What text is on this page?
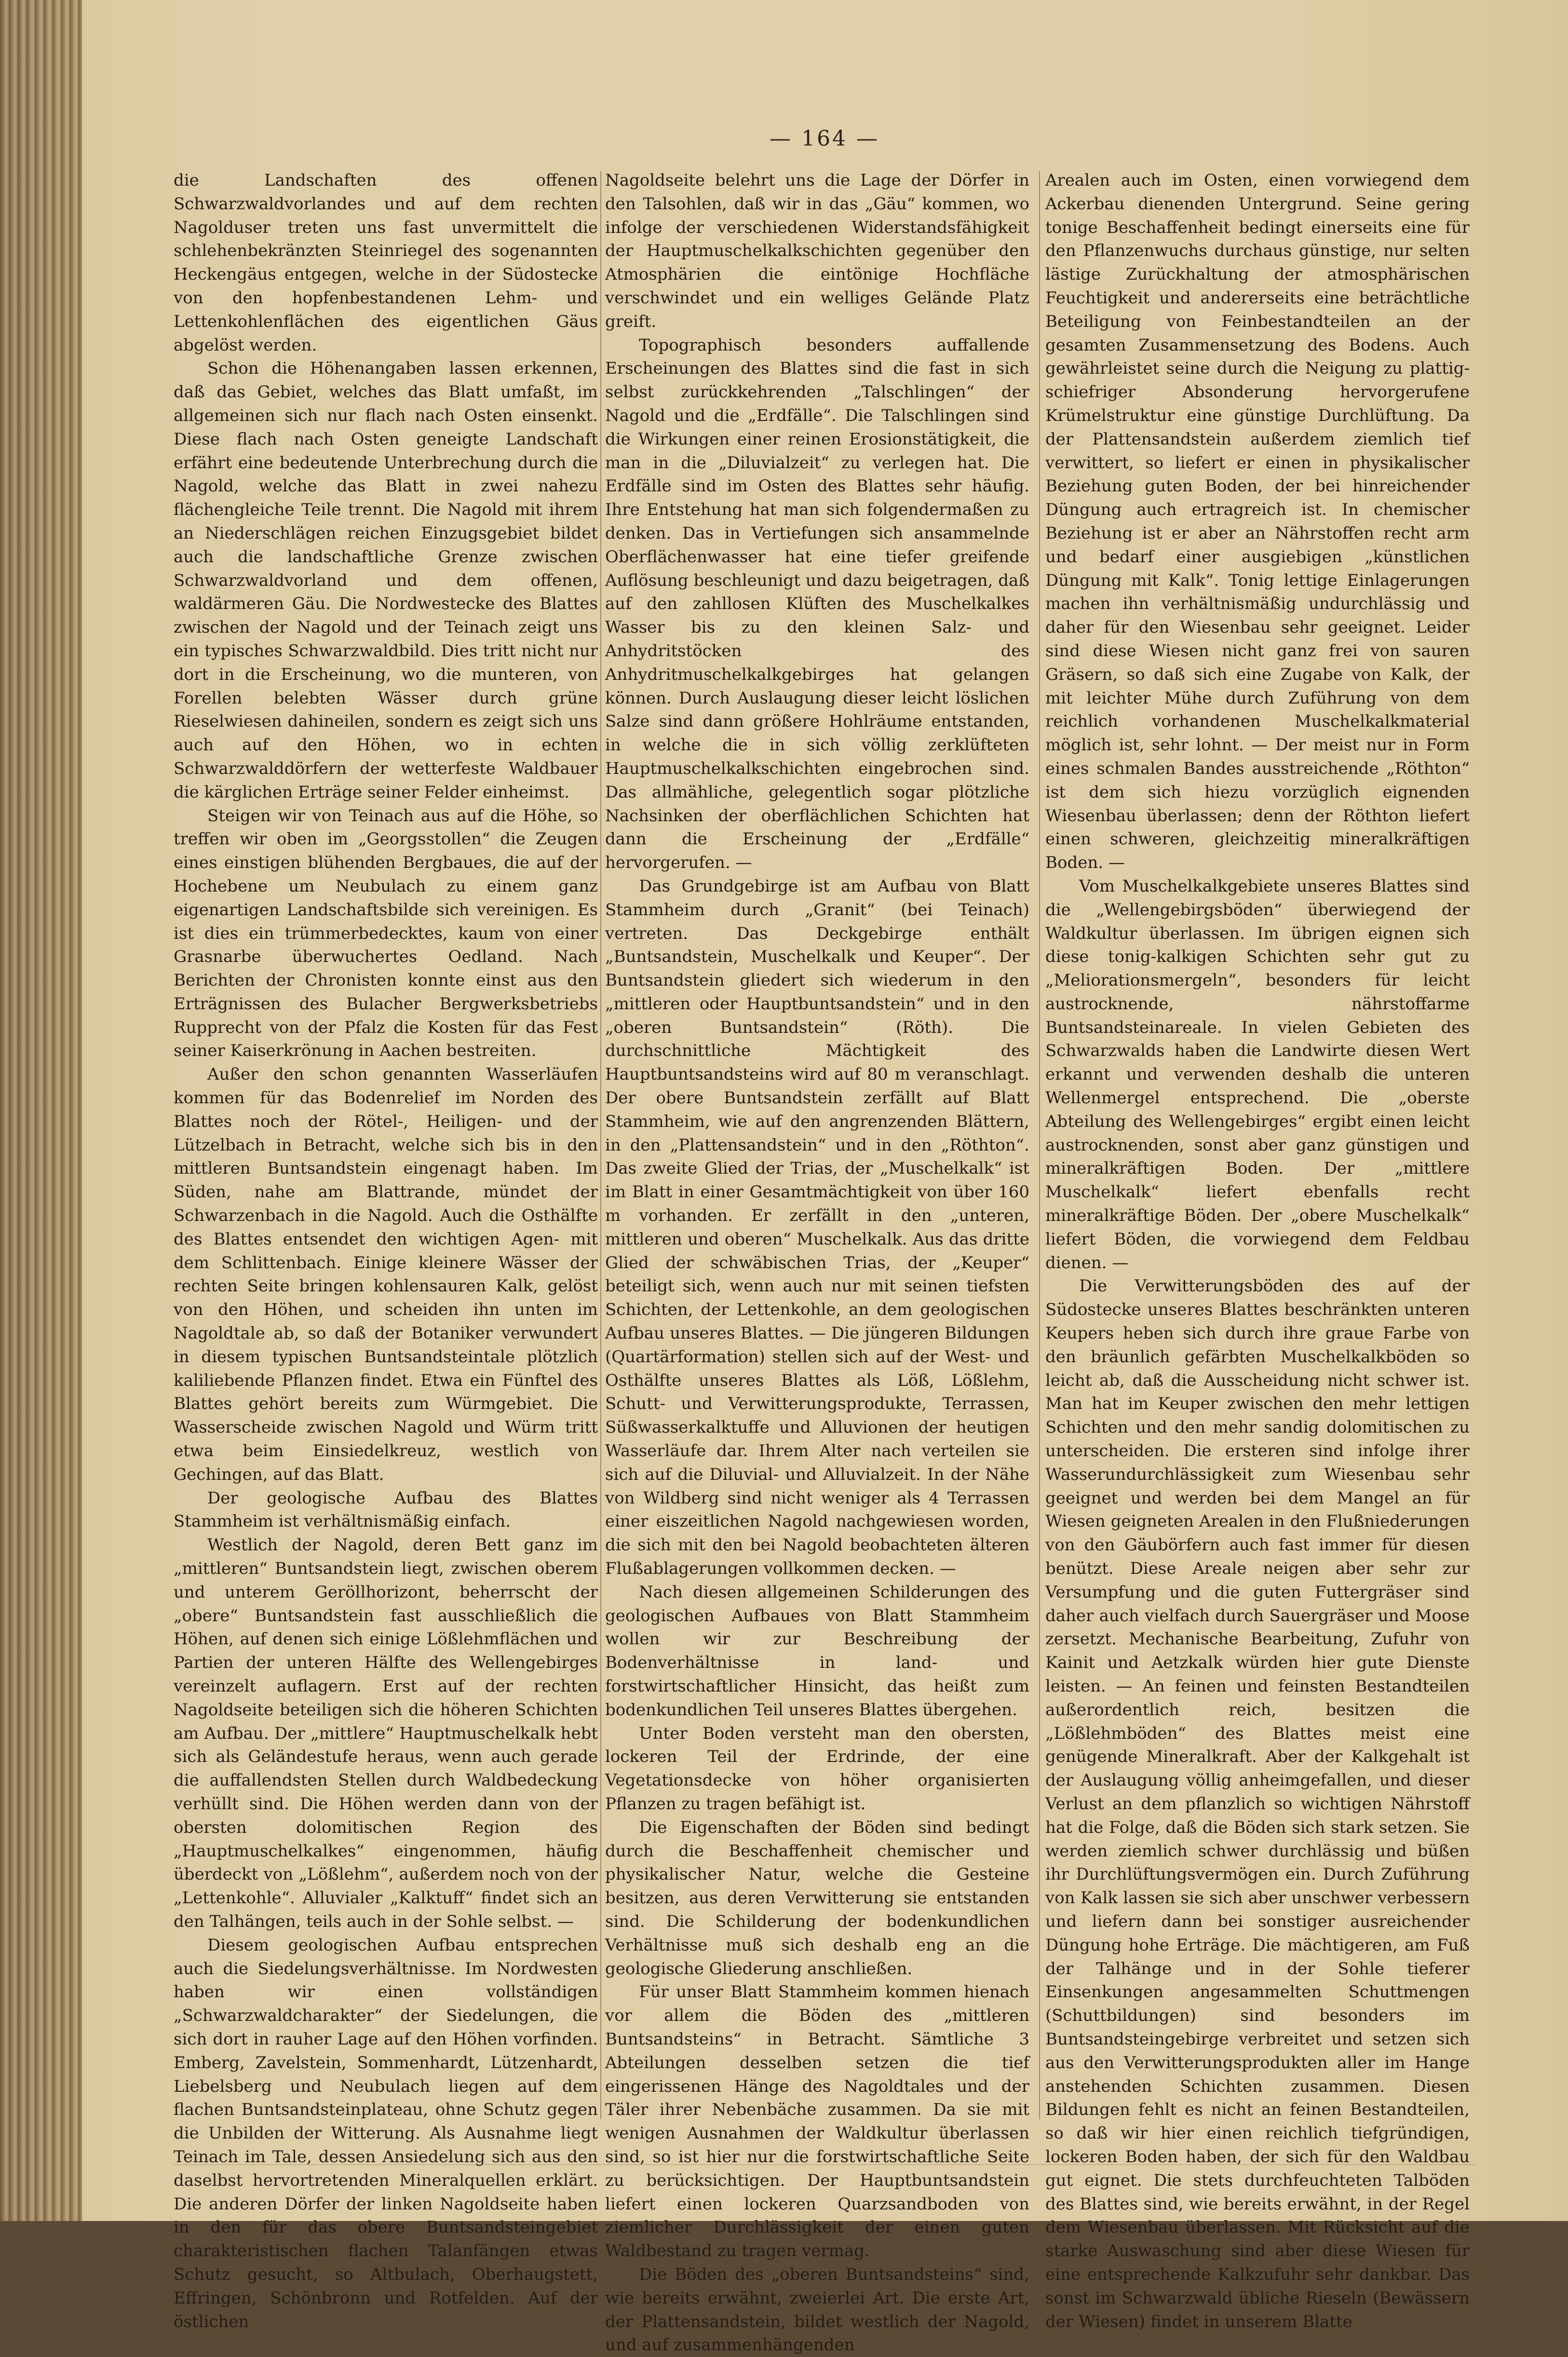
— 164 —

die Landschaften des offenen Schwarzwaldvorlandes und auf dem rechten Nagolduser treten uns fast unvermittelt die schlehenbekränzten Steinriegel des sogenannten Heckengäus entgegen, welche in der Südostecke von den hopfenbestandenen Lehm- und Lettenkohlenflächen des eigentlichen Gäus abgelöst werden.

Schon die Höhenangaben lassen erkennen, daß das Gebiet, welches das Blatt umfaßt, im allgemeinen sich nur flach nach Osten einsenkt. Diese flach nach Osten geneigte Landschaft erfährt eine bedeutende Unterbrechung durch die Nagold, welche das Blatt in zwei nahezu flächengleiche Teile trennt. Die Nagold mit ihrem an Niederschlägen reichen Einzugsgebiet bildet auch die landschaftliche Grenze zwischen Schwarzwaldvorland und dem offenen, waldärmeren Gäu. Die Nordwestecke des Blattes zwischen der Nagold und der Teinach zeigt uns ein typisches Schwarzwaldbild. Dies tritt nicht nur dort in die Erscheinung, wo die munteren, von Forellen belebten Wässer durch grüne Rieselwiesen dahineilen, sondern es zeigt sich uns auch auf den Höhen, wo in echten Schwarzwalddörfern der wetterfeste Waldbauer die kärglichen Erträge seiner Felder einheimst.

Steigen wir von Teinach aus auf die Höhe, so treffen wir oben im „Georgsstollen“ die Zeugen eines einstigen blühenden Bergbaues, die auf der Hochebene um Neubulach zu einem ganz eigenartigen Landschaftsbilde sich vereinigen. Es ist dies ein trümmerbedecktes, kaum von einer Grasnarbe überwuchertes Oedland. Nach Berichten der Chronisten konnte einst aus den Erträgnissen des Bulacher Bergwerksbetriebs Rupprecht von der Pfalz die Kosten für das Fest seiner Kaiserkrönung in Aachen bestreiten.

Außer den schon genannten Wasserläufen kommen für das Bodenrelief im Norden des Blattes noch der Rötel-, Heiligen- und der Lützelbach in Betracht, welche sich bis in den mittleren Buntsandstein eingenagt haben. Im Süden, nahe am Blattrande, mündet der Schwarzenbach in die Nagold. Auch die Osthälfte des Blattes entsendet den wichtigen Agen- mit dem Schlittenbach. Einige kleinere Wässer der rechten Seite bringen kohlensauren Kalk, gelöst von den Höhen, und scheiden ihn unten im Nagoldtale ab, so daß der Botaniker verwundert in diesem typischen Buntsandsteintale plötzlich kaliliebende Pflanzen findet. Etwa ein Fünftel des Blattes gehört bereits zum Würmgebiet. Die Wasserscheide zwischen Nagold und Würm tritt etwa beim Einsiedelkreuz, westlich von Gechingen, auf das Blatt.

Der geologische Aufbau des Blattes Stammheim ist verhältnismäßig einfach.

Westlich der Nagold, deren Bett ganz im „mittleren“ Buntsandstein liegt, zwischen oberem und unterem Geröllhorizont, beherrscht der „obere“ Buntsandstein fast ausschließlich die Höhen, auf denen sich einige Lößlehmflächen und Partien der unteren Hälfte des Wellengebirges vereinzelt auflagern. Erst auf der rechten Nagoldseite beteiligen sich die höheren Schichten am Aufbau. Der „mittlere“ Hauptmuschelkalk hebt sich als Geländestufe heraus, wenn auch gerade die auffallendsten Stellen durch Waldbedeckung verhüllt sind. Die Höhen werden dann von der obersten dolomitischen Region des „Hauptmuschelkalkes“ eingenommen, häufig überdeckt von „Lößlehm“, außerdem noch von der „Lettenkohle“. Alluvialer „Kalktuff“ findet sich an den Talhängen, teils auch in der Sohle selbst. —

Diesem geologischen Aufbau entsprechen auch die Siedelungsverhältnisse. Im Nordwesten haben wir einen vollständigen „Schwarzwaldcharakter“ der Siedelungen, die sich dort in rauher Lage auf den Höhen vorfinden. Emberg, Zavelstein, Sommenhardt, Lützenhardt, Liebelsberg und Neubulach liegen auf dem flachen Buntsandsteinplateau, ohne Schutz gegen die Unbilden der Witterung. Als Ausnahme liegt Teinach im Tale, dessen Ansiedelung sich aus den daselbst hervortretenden Mineralquellen erklärt. Die anderen Dörfer der linken Nagoldseite haben in den für das obere Buntsandsteingebiet charakteristischen flachen Talanfängen etwas Schutz gesucht, so Altbulach, Oberhaugstett, Effringen, Schönbronn und Rotfelden. Auf der östlichen

Nagoldseite belehrt uns die Lage der Dörfer in den Talsohlen, daß wir in das „Gäu“ kommen, wo infolge der verschiedenen Widerstandsfähigkeit der Hauptmuschelkalkschichten gegenüber den Atmosphärien die eintönige Hochfläche verschwindet und ein welliges Gelände Platz greift.

Topographisch besonders auffallende Erscheinungen des Blattes sind die fast in sich selbst zurückkehrenden „Talschlingen“ der Nagold und die „Erdfälle“. Die Talschlingen sind die Wirkungen einer reinen Erosionstätigkeit, die man in die „Diluvialzeit“ zu verlegen hat. Die Erdfälle sind im Osten des Blattes sehr häufig. Ihre Entstehung hat man sich folgendermaßen zu denken. Das in Vertiefungen sich ansammelnde Oberflächenwasser hat eine tiefer greifende Auflösung beschleunigt und dazu beigetragen, daß auf den zahllosen Klüften des Muschelkalkes Wasser bis zu den kleinen Salz- und Anhydritstöcken des Anhydritmuschelkalkgebirges hat gelangen können. Durch Auslaugung dieser leicht löslichen Salze sind dann größere Hohlräume entstanden, in welche die in sich völlig zerklüfteten Hauptmuschelkalkschichten eingebrochen sind. Das allmähliche, gelegentlich sogar plötzliche Nachsinken der oberflächlichen Schichten hat dann die Erscheinung der „Erdfälle“ hervorgerufen. —

Das Grundgebirge ist am Aufbau von Blatt Stammheim durch „Granit“ (bei Teinach) vertreten. Das Deckgebirge enthält „Buntsandstein, Muschelkalk und Keuper“. Der Buntsandstein gliedert sich wiederum in den „mittleren oder Hauptbuntsandstein“ und in den „oberen Buntsandstein“ (Röth). Die durchschnittliche Mächtigkeit des Hauptbuntsandsteins wird auf 80 m veranschlagt. Der obere Buntsandstein zerfällt auf Blatt Stammheim, wie auf den angrenzenden Blättern, in den „Plattensandstein“ und in den „Röthton“. Das zweite Glied der Trias, der „Muschelkalk“ ist im Blatt in einer Gesamtmächtigkeit von über 160 m vorhanden. Er zerfällt in den „unteren, mittleren und oberen“ Muschelkalk. Aus das dritte Glied der schwäbischen Trias, der „Keuper“ beteiligt sich, wenn auch nur mit seinen tiefsten Schichten, der Lettenkohle, an dem geologischen Aufbau unseres Blattes. — Die jüngeren Bildungen (Quartärformation) stellen sich auf der West- und Osthälfte unseres Blattes als Löß, Lößlehm, Schutt- und Verwitterungsprodukte, Terrassen, Süßwasserkalktuffe und Alluvionen der heutigen Wasserläufe dar. Ihrem Alter nach verteilen sie sich auf die Diluvial- und Alluvialzeit. In der Nähe von Wildberg sind nicht weniger als 4 Terrassen einer eiszeitlichen Nagold nachgewiesen worden, die sich mit den bei Nagold beobachteten älteren Flußablagerungen vollkommen decken. —

Nach diesen allgemeinen Schilderungen des geologischen Aufbaues von Blatt Stammheim wollen wir zur Beschreibung der Bodenverhältnisse in land- und forstwirtschaftlicher Hinsicht, das heißt zum bodenkundlichen Teil unseres Blattes übergehen.

Unter Boden versteht man den obersten, lockeren Teil der Erdrinde, der eine Vegetationsdecke von höher organisierten Pflanzen zu tragen befähigt ist.

Die Eigenschaften der Böden sind bedingt durch die Beschaffenheit chemischer und physikalischer Natur, welche die Gesteine besitzen, aus deren Verwitterung sie entstanden sind. Die Schilderung der bodenkundlichen Verhältnisse muß sich deshalb eng an die geologische Gliederung anschließen.

Für unser Blatt Stammheim kommen hienach vor allem die Böden des „mittleren Buntsandsteins“ in Betracht. Sämtliche 3 Abteilungen desselben setzen die tief eingerissenen Hänge des Nagoldtales und der Täler ihrer Nebenbäche zusammen. Da sie mit wenigen Ausnahmen der Waldkultur überlassen sind, so ist hier nur die forstwirtschaftliche Seite zu berücksichtigen. Der Hauptbuntsandstein liefert einen lockeren Quarzsandboden von ziemlicher Durchlässigkeit der einen guten Waldbestand zu tragen vermag.

Die Böden des „oberen Buntsandsteins“ sind, wie bereits erwähnt, zweierlei Art. Die erste Art, der Plattensandstein, bildet westlich der Nagold, und auf zusammenhängenden

Arealen auch im Osten, einen vorwiegend dem Ackerbau dienenden Untergrund. Seine gering tonige Beschaffenheit bedingt einerseits eine für den Pflanzenwuchs durchaus günstige, nur selten lästige Zurückhaltung der atmosphärischen Feuchtigkeit und andererseits eine beträchtliche Beteiligung von Feinbestandteilen an der gesamten Zusammensetzung des Bodens. Auch gewährleistet seine durch die Neigung zu plattig-schiefriger Absonderung hervorgerufene Krümelstruktur eine günstige Durchlüftung. Da der Plattensandstein außerdem ziemlich tief verwittert, so liefert er einen in physikalischer Beziehung guten Boden, der bei hinreichender Düngung auch ertragreich ist. In chemischer Beziehung ist er aber an Nährstoffen recht arm und bedarf einer ausgiebigen „künstlichen Düngung mit Kalk“. Tonig lettige Einlagerungen machen ihn verhältnismäßig undurchlässig und daher für den Wiesenbau sehr geeignet. Leider sind diese Wiesen nicht ganz frei von sauren Gräsern, so daß sich eine Zugabe von Kalk, der mit leichter Mühe durch Zuführung von dem reichlich vorhandenen Muschelkalkmaterial möglich ist, sehr lohnt. — Der meist nur in Form eines schmalen Bandes ausstreichende „Röthton“ ist dem sich hiezu vorzüglich eignenden Wiesenbau überlassen; denn der Röthton liefert einen schweren, gleichzeitig mineralkräftigen Boden. —

Vom Muschelkalkgebiete unseres Blattes sind die „Wellengebirgsböden“ überwiegend der Waldkultur überlassen. Im übrigen eignen sich diese tonig-kalkigen Schichten sehr gut zu „Meliorationsmergeln“, besonders für leicht austrocknende, nährstoffarme Buntsandsteinareale. In vielen Gebieten des Schwarzwalds haben die Landwirte diesen Wert erkannt und verwenden deshalb die unteren Wellenmergel entsprechend. Die „oberste Abteilung des Wellengebirges“ ergibt einen leicht austrocknenden, sonst aber ganz günstigen und mineralkräftigen Boden. Der „mittlere Muschelkalk“ liefert ebenfalls recht mineralkräftige Böden. Der „obere Muschelkalk“ liefert Böden, die vorwiegend dem Feldbau dienen. —

Die Verwitterungsböden des auf der Südostecke unseres Blattes beschränkten unteren Keupers heben sich durch ihre graue Farbe von den bräunlich gefärbten Muschelkalkböden so leicht ab, daß die Ausscheidung nicht schwer ist. Man hat im Keuper zwischen den mehr lettigen Schichten und den mehr sandig dolomitischen zu unterscheiden. Die ersteren sind infolge ihrer Wasserundurchlässigkeit zum Wiesenbau sehr geeignet und werden bei dem Mangel an für Wiesen geigneten Arealen in den Flußniederungen von den Gäubörfern auch fast immer für diesen benützt. Diese Areale neigen aber sehr zur Versumpfung und die guten Futtergräser sind daher auch vielfach durch Sauergräser und Moose zersetzt. Mechanische Bearbeitung, Zufuhr von Kainit und Aetzkalk würden hier gute Dienste leisten. — An feinen und feinsten Bestandteilen außerordentlich reich, besitzen die „Lößlehmböden“ des Blattes meist eine genügende Mineralkraft. Aber der Kalkgehalt ist der Auslaugung völlig anheimgefallen, und dieser Verlust an dem pflanzlich so wichtigen Nährstoff hat die Folge, daß die Böden sich stark setzen. Sie werden ziemlich schwer durchlässig und büßen ihr Durchlüftungsvermögen ein. Durch Zuführung von Kalk lassen sie sich aber unschwer verbessern und liefern dann bei sonstiger ausreichender Düngung hohe Erträge. Die mächtigeren, am Fuß der Talhänge und in der Sohle tieferer Einsenkungen angesammelten Schuttmengen (Schuttbildungen) sind besonders im Buntsandsteingebirge verbreitet und setzen sich aus den Verwitterungsprodukten aller im Hange anstehenden Schichten zusammen. Diesen Bildungen fehlt es nicht an feinen Bestandteilen, so daß wir hier einen reichlich tiefgründigen, lockeren Boden haben, der sich für den Waldbau gut eignet. Die stets durchfeuchteten Talböden des Blattes sind, wie bereits erwähnt, in der Regel dem Wiesenbau überlassen. Mit Rücksicht auf die starke Auswaschung sind aber diese Wiesen für eine entsprechende Kalkzufuhr sehr dankbar. Das sonst im Schwarzwald übliche Rieseln (Bewässern der Wiesen) findet in unserem Blatte
